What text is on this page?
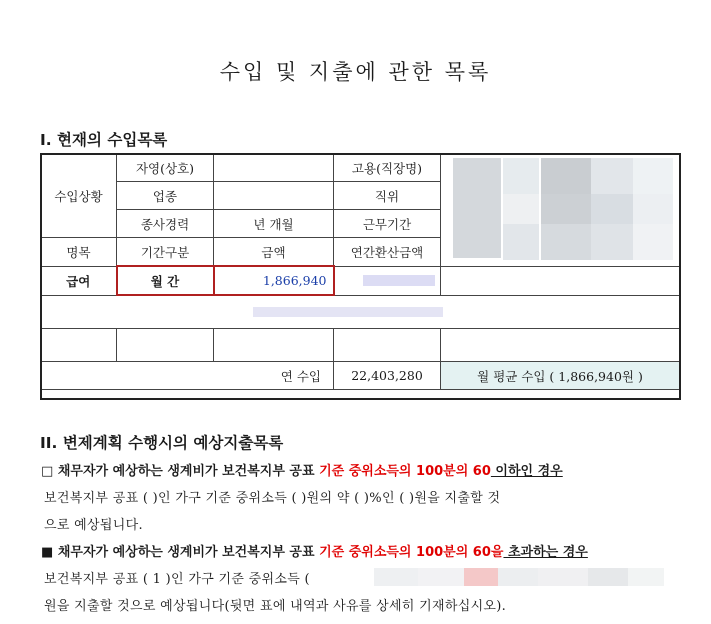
수입 및 지출에 관한 목록
I. 현재의 수입목록
수입상황	자영(상호)		고용(직장명)	

	업종		직위	
	종사경력	년 개월	근무기간	
명목	기간구분	금액	연간환산금액	
급여	월 간	1,866,940	

연 수입			22,403,280	월 평균 수입 ( 1,866,940원 )
II. 변제계획 수행시의 예상지출목록
□ 채무자가 예상하는 생계비가 보건복지부 공표 기준 중위소득의 100분의 60 이하인 경우
보건복지부 공표 ( )인 가구 기준 중위소득 ( )원의 약 ( )%인 ( )원을 지출할 것
으로 예상됩니다.
■ 채무자가 예상하는 생계비가 보건복지부 공표 기준 중위소득의 100분의 60을 초과하는 경우
보건복지부 공표 ( 1 )인 가구 기준 중위소득 (
원을 지출할 것으로 예상됩니다(뒷면 표에 내역과 사유를 상세히 기재하십시오).
